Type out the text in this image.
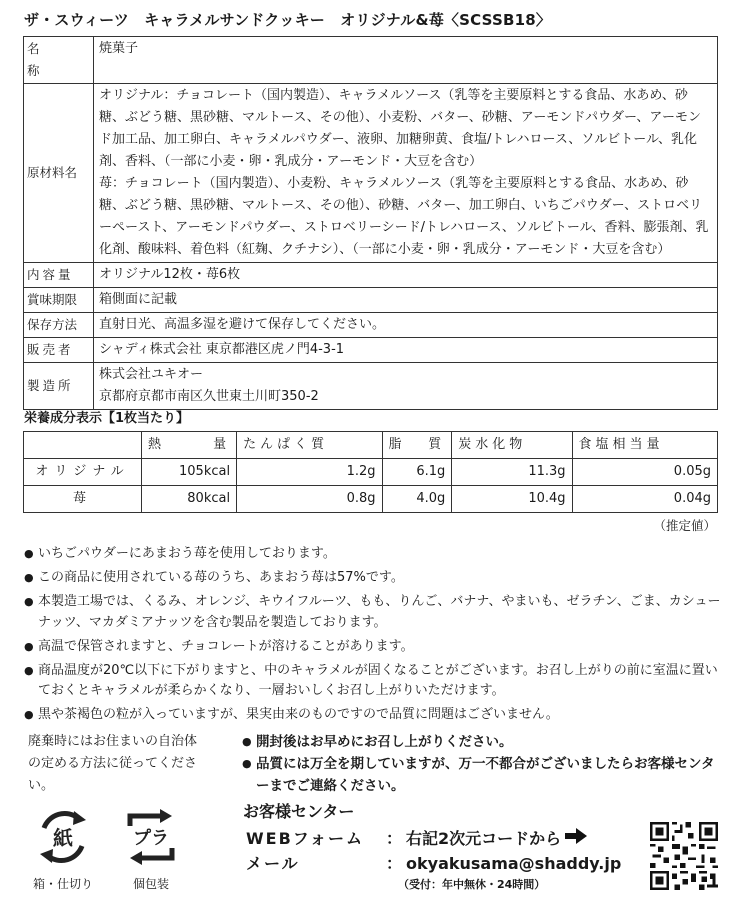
ザ・スウィーツ　キャラメルサンドクッキー　オリジナル&苺〈SCSSB18〉
名　称	焼菓子
原材料名	オリジナル：チョコレート（国内製造）、キャラメルソース（乳等を主要原料とする食品、水あめ、砂糖、ぶどう糖、黒砂糖、マルトース、その他）、小麦粉、バター、砂糖、アーモンドパウダー、アーモンド加工品、加工卵白、キャラメルパウダー、液卵、加糖卵黄、食塩/トレハロース、ソルビトール、乳化剤、香料、（一部に小麦・卵・乳成分・アーモンド・大豆を含む）
苺：チョコレート（国内製造）、小麦粉、キャラメルソース（乳等を主要原料とする食品、水あめ、砂糖、ぶどう糖、黒砂糖、マルトース、その他）、砂糖、バター、加工卵白、いちごパウダー、ストロベリーペースト、アーモンドパウダー、ストロベリーシード/トレハロース、ソルビトール、香料、膨張剤、乳化剤、酸味料、着色料（紅麹、クチナシ）、（一部に小麦・卵・乳成分・アーモンド・大豆を含む）

内容量	オリジナル12枚・苺6枚
賞味期限	箱側面に記載
保存方法	直射日光、高温多湿を避けて保存してください。
販売者	シャディ株式会社 東京都港区虎ノ門4-3-1
製造所	株式会社ユキオー
京都府京都市南区久世東土川町350-2
栄養成分表示【1枚当たり】

	熱 量	たんぱく質	脂 質	炭水化物	食塩相当量
オリジナル	105kcal	1.2g	6.1g	11.3g	0.05g
苺	80kcal	0.8g	4.0g	10.4g	0.04g
（推定値）
● いちごパウダーにあまおう苺を使用しております。
● この商品に使用されている苺のうち、あまおう苺は57%です。
● 本製造工場では、くるみ、オレンジ、キウイフルーツ、もも、りんご、バナナ、やまいも、ゼラチン、ごま、カシューナッツ、マカダミアナッツを含む製品を製造しております。
● 高温で保管されますと、チョコレートが溶けることがあります。
● 商品温度が20℃以下に下がりますと、中のキャラメルが固くなることがございます。お召し上がりの前に室温に置いておくとキャラメルが柔らかくなり、一層おいしくお召し上がりいただけます。
● 黒や茶褐色の粒が入っていますが、果実由来のものですので品質に問題はございません。
廃棄時にはお住まいの自治体の定める方法に従ってください。
紙
箱・仕切り
プラ
個包装
● 開封後はお早めにお召し上がりください。
● 品質には万全を期していますが、万一不都合がございましたらお客様センターまでご連絡ください。
お客様センター
WEBフォーム ： 右記2次元コードから
メール	： okyakusama@shaddy.jp
（受付：年中無休・24時間）
